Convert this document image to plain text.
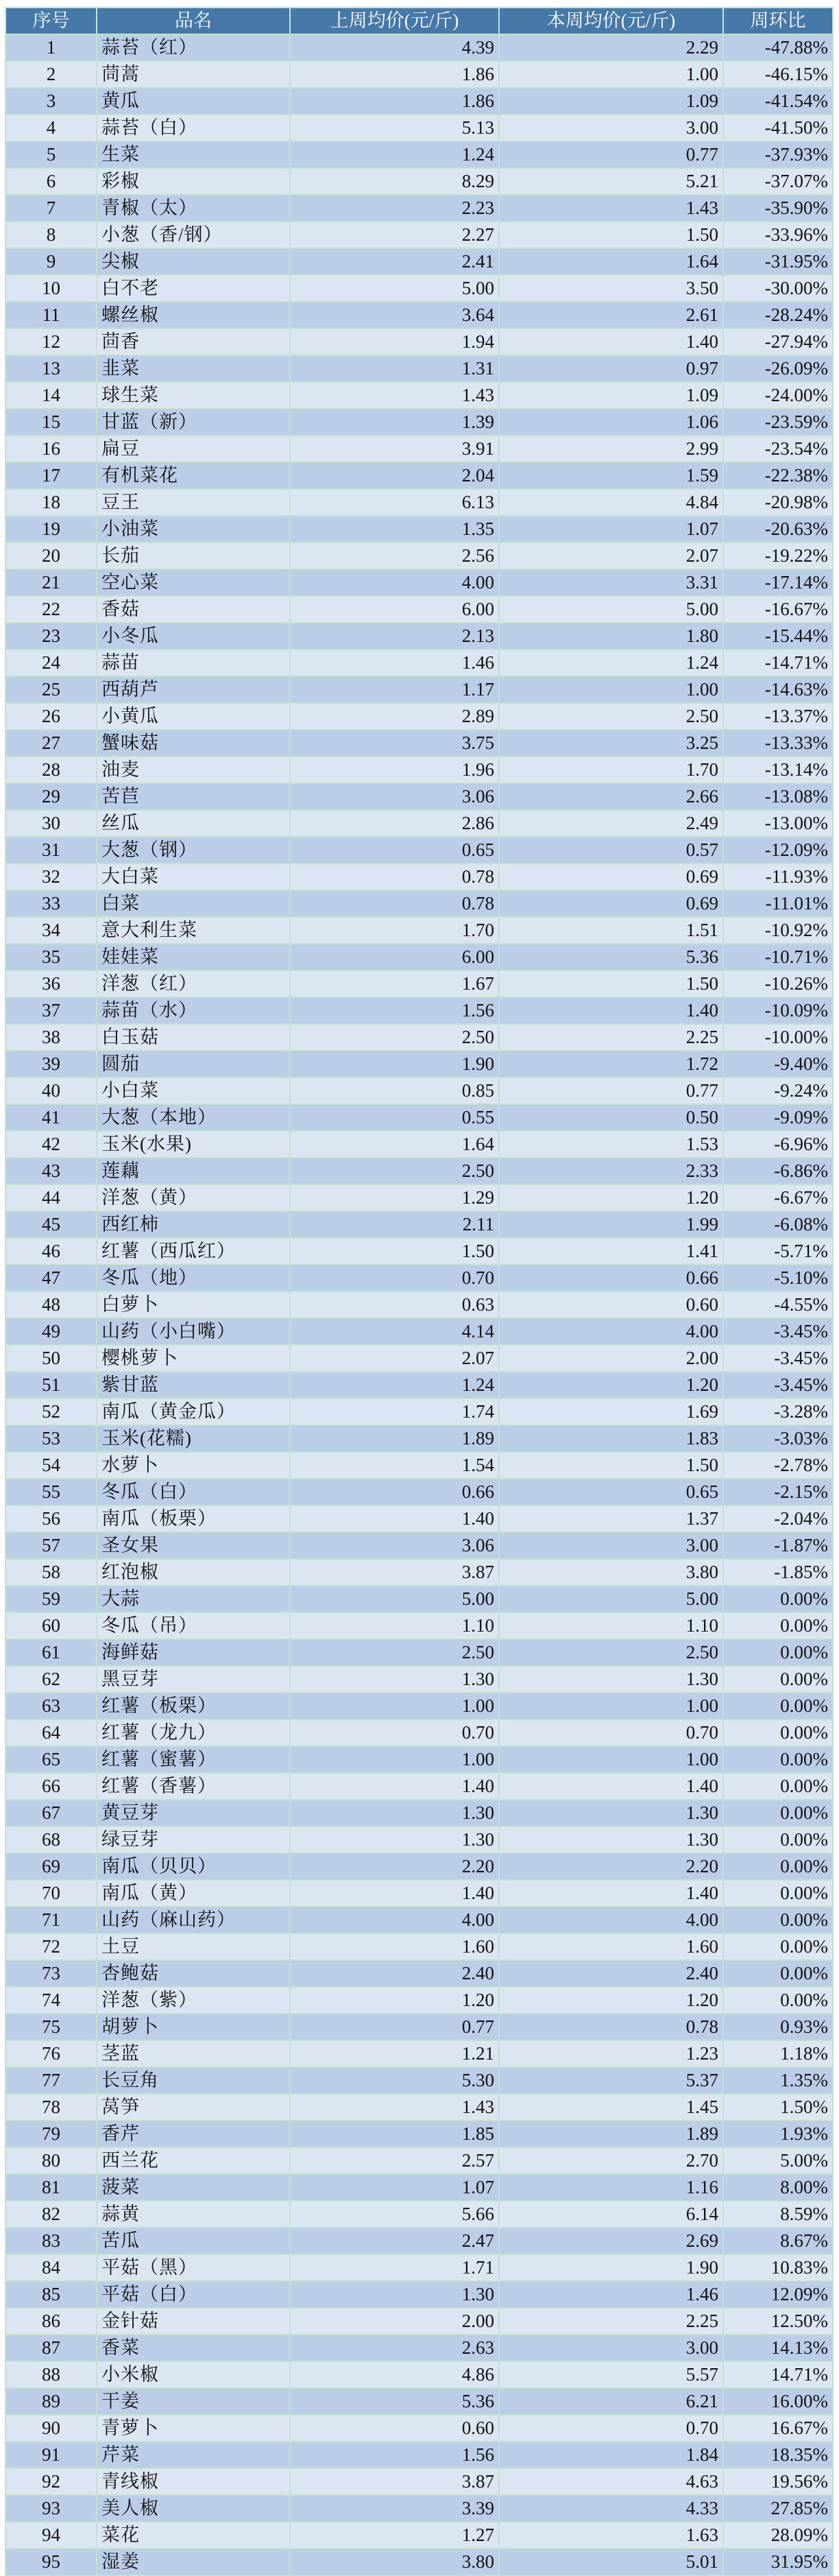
序号	品名	上周均价(元/斤)	本周均价(元/斤)	周环比
1	蒜苔（红）	4.39	2.29	-47.88%
2	茼蒿	1.86	1.00	-46.15%
3	黄瓜	1.86	1.09	-41.54%
4	蒜苔（白）	5.13	3.00	-41.50%
5	生菜	1.24	0.77	-37.93%
6	彩椒	8.29	5.21	-37.07%
7	青椒（太）	2.23	1.43	-35.90%
8	小葱（香/钢）	2.27	1.50	-33.96%
9	尖椒	2.41	1.64	-31.95%
10	白不老	5.00	3.50	-30.00%
11	螺丝椒	3.64	2.61	-28.24%
12	茴香	1.94	1.40	-27.94%
13	韭菜	1.31	0.97	-26.09%
14	球生菜	1.43	1.09	-24.00%
15	甘蓝（新）	1.39	1.06	-23.59%
16	扁豆	3.91	2.99	-23.54%
17	有机菜花	2.04	1.59	-22.38%
18	豆王	6.13	4.84	-20.98%
19	小油菜	1.35	1.07	-20.63%
20	长茄	2.56	2.07	-19.22%
21	空心菜	4.00	3.31	-17.14%
22	香菇	6.00	5.00	-16.67%
23	小冬瓜	2.13	1.80	-15.44%
24	蒜苗	1.46	1.24	-14.71%
25	西葫芦	1.17	1.00	-14.63%
26	小黄瓜	2.89	2.50	-13.37%
27	蟹味菇	3.75	3.25	-13.33%
28	油麦	1.96	1.70	-13.14%
29	苦苣	3.06	2.66	-13.08%
30	丝瓜	2.86	2.49	-13.00%
31	大葱（钢）	0.65	0.57	-12.09%
32	大白菜	0.78	0.69	-11.93%
33	白菜	0.78	0.69	-11.01%
34	意大利生菜	1.70	1.51	-10.92%
35	娃娃菜	6.00	5.36	-10.71%
36	洋葱（红）	1.67	1.50	-10.26%
37	蒜苗（水）	1.56	1.40	-10.09%
38	白玉菇	2.50	2.25	-10.00%
39	圆茄	1.90	1.72	-9.40%
40	小白菜	0.85	0.77	-9.24%
41	大葱（本地）	0.55	0.50	-9.09%
42	玉米(水果)	1.64	1.53	-6.96%
43	莲藕	2.50	2.33	-6.86%
44	洋葱（黄）	1.29	1.20	-6.67%
45	西红柿	2.11	1.99	-6.08%
46	红薯（西瓜红）	1.50	1.41	-5.71%
47	冬瓜（地）	0.70	0.66	-5.10%
48	白萝卜	0.63	0.60	-4.55%
49	山药（小白嘴）	4.14	4.00	-3.45%
50	樱桃萝卜	2.07	2.00	-3.45%
51	紫甘蓝	1.24	1.20	-3.45%
52	南瓜（黄金瓜）	1.74	1.69	-3.28%
53	玉米(花糯)	1.89	1.83	-3.03%
54	水萝卜	1.54	1.50	-2.78%
55	冬瓜（白）	0.66	0.65	-2.15%
56	南瓜（板栗）	1.40	1.37	-2.04%
57	圣女果	3.06	3.00	-1.87%
58	红泡椒	3.87	3.80	-1.85%
59	大蒜	5.00	5.00	0.00%
60	冬瓜（吊）	1.10	1.10	0.00%
61	海鲜菇	2.50	2.50	0.00%
62	黑豆芽	1.30	1.30	0.00%
63	红薯（板栗）	1.00	1.00	0.00%
64	红薯（龙九）	0.70	0.70	0.00%
65	红薯（蜜薯）	1.00	1.00	0.00%
66	红薯（香薯）	1.40	1.40	0.00%
67	黄豆芽	1.30	1.30	0.00%
68	绿豆芽	1.30	1.30	0.00%
69	南瓜（贝贝）	2.20	2.20	0.00%
70	南瓜（黄）	1.40	1.40	0.00%
71	山药（麻山药）	4.00	4.00	0.00%
72	土豆	1.60	1.60	0.00%
73	杏鲍菇	2.40	2.40	0.00%
74	洋葱（紫）	1.20	1.20	0.00%
75	胡萝卜	0.77	0.78	0.93%
76	茎蓝	1.21	1.23	1.18%
77	长豆角	5.30	5.37	1.35%
78	莴笋	1.43	1.45	1.50%
79	香芹	1.85	1.89	1.93%
80	西兰花	2.57	2.70	5.00%
81	菠菜	1.07	1.16	8.00%
82	蒜黄	5.66	6.14	8.59%
83	苦瓜	2.47	2.69	8.67%
84	平菇（黑）	1.71	1.90	10.83%
85	平菇（白）	1.30	1.46	12.09%
86	金针菇	2.00	2.25	12.50%
87	香菜	2.63	3.00	14.13%
88	小米椒	4.86	5.57	14.71%
89	干姜	5.36	6.21	16.00%
90	青萝卜	0.60	0.70	16.67%
91	芹菜	1.56	1.84	18.35%
92	青线椒	3.87	4.63	19.56%
93	美人椒	3.39	4.33	27.85%
94	菜花	1.27	1.63	28.09%
95	湿姜	3.80	5.01	31.95%
